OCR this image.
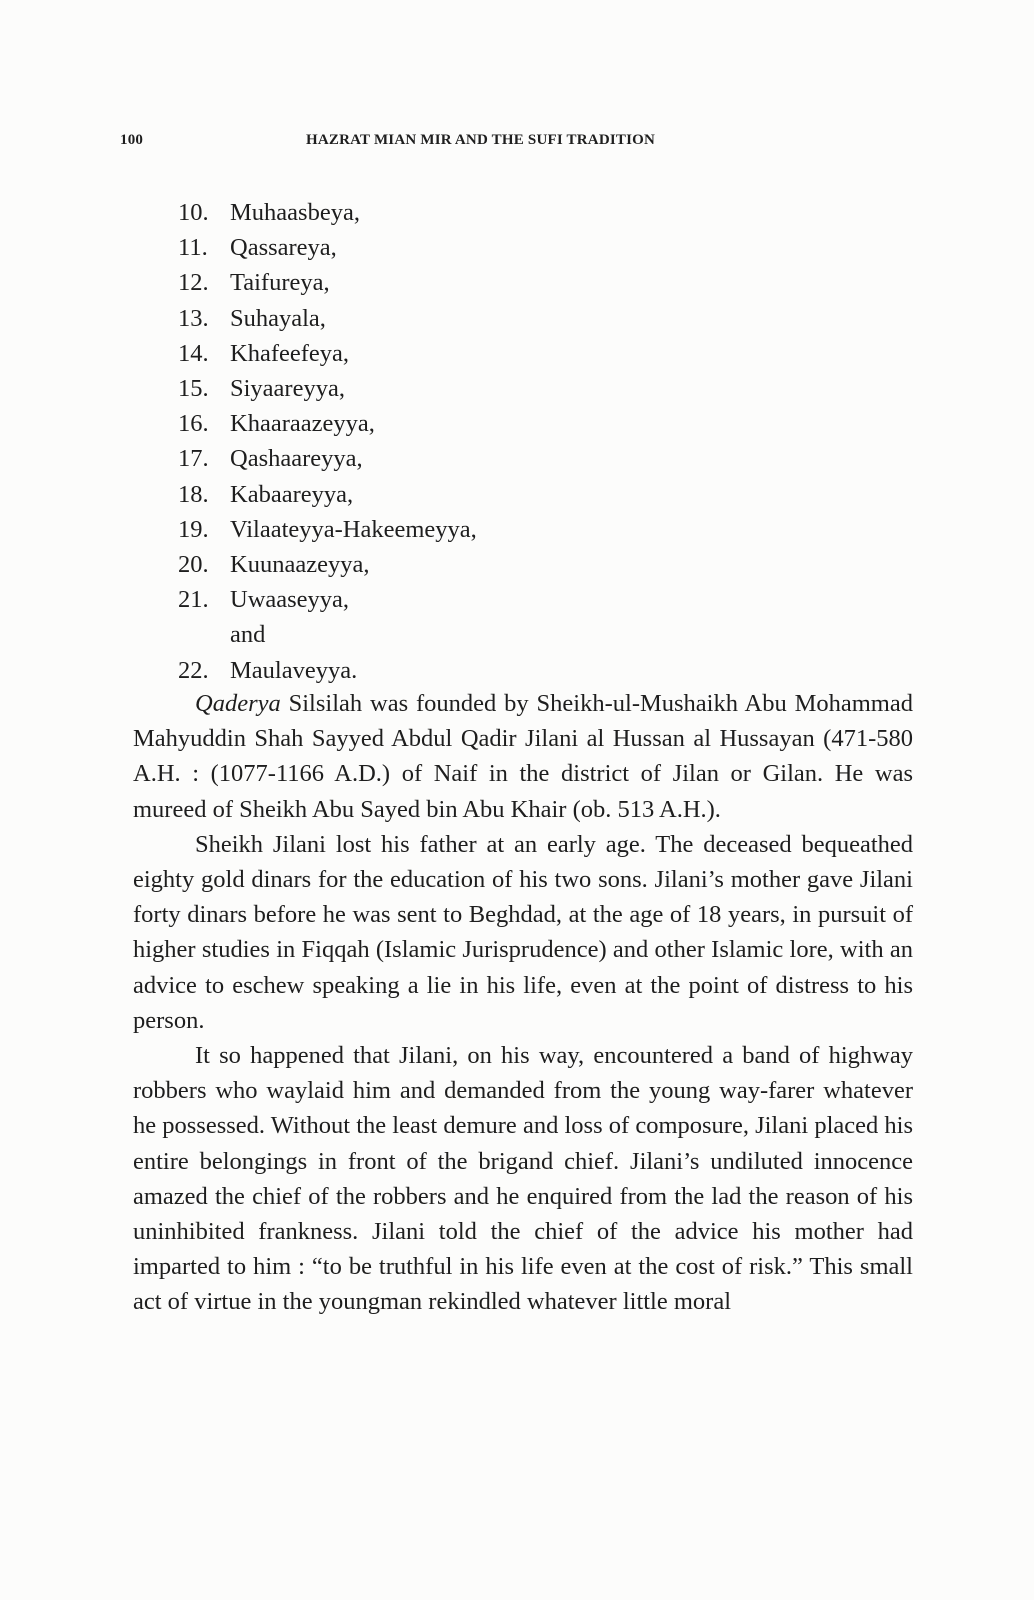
100	HAZRAT MIAN MIR AND THE SUFI TRADITION
10. Muhaasbeya,
11. Qassareya,
12. Taifureya,
13. Suhayala,
14. Khafeefeya,
15. Siyaareyya,
16. Khaaraazeyya,
17. Qashaareyya,
18. Kabaareyya,
19. Vilaateyya-Hakeemeyya,
20. Kuunaazeyya,
21. Uwaaseyya,
and
22. Maulaveyya.

Qaderya Silsilah was founded by Sheikh-ul-Mushaikh Abu Mohammad Mahyuddin Shah Sayyed Abdul Qadir Jilani al Hussan al Hussayan (471-580 A.H. : (1077-1166 A.D.) of Naif in the district of Jilan or Gilan. He was mureed of Sheikh Abu Sayed bin Abu Khair (ob. 513 A.H.).

Sheikh Jilani lost his father at an early age. The deceased bequeathed eighty gold dinars for the education of his two sons. Jilani’s mother gave Jilani forty dinars before he was sent to Beghdad, at the age of 18 years, in pursuit of higher studies in Fiqqah (Islamic Jurisprudence) and other Islamic lore, with an advice to eschew speaking a lie in his life, even at the point of distress to his person.

It so happened that Jilani, on his way, encountered a band of highway robbers who waylaid him and demanded from the young way-farer whatever he possessed. Without the least demure and loss of composure, Jilani placed his entire belongings in front of the brigand chief. Jilani’s undiluted innocence amazed the chief of the robbers and he enquired from the lad the reason of his uninhibited frankness. Jilani told the chief of the advice his mother had imparted to him : “to be truthful in his life even at the cost of risk.” This small act of virtue in the youngman rekindled whatever little moral
